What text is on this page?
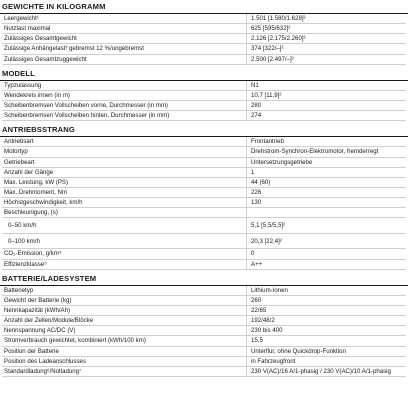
GEWICHTE IN KILOGRAMM
Leergewicht¹	1.501 [1.580/1.628]²
Nutzlast maximal	625 [595/632]²
Zulässiges Gesamtgewicht	2.126 [2.175/2.260]²
Zulässige Anhängelast³ gebremst 12 %/ungebremst	374 [322/–]²
Zulässiges Gesamtzuggewicht	2.500 [2.497/–]²
MODELL
Typzulassung	N1
Wendekreis innen (in m)	10,7 [11,9]²
Scheibenbremsen Vollscheiben vorne, Durchmesser (in mm)	280
Scheibenbremsen Vollscheiben hinten, Durchmesser (in mm)	274
ANTRIEBSSTRANG
Antriebsart	Frontantrieb
Motortyp	Drehstrom-Synchron-Elektromotor, fremderregt
Getriebeart	Untersetzungsgetriebe
Anzahl der Gänge	1
Max. Leistung, kW (PS)	44 (60)
Max. Drehmoment, Nm	226
Höchstgeschwindigkeit, km/h	130
Beschleunigung, (s)	
0–50 km/h	5,1 [5,5/5,5]²
0–100 km/h	20,3 [22,4]²
CO₂-Emission, g/km⁴	0
Effizienzklasse⁵	A++
BATTERIE/LADESYSTEM
Batterietyp	Lithium-Ionen
Gewicht der Batterie (kg)	260
Nennkapazität (kWh/Ah)	22/65
Anzahl der Zellen/Module/Blöcke	192/48/2
Nennspannung AC/DC (V)	230 bis 400
Stromverbrauch gewichtet, kombiniert (kWh/100 km)	15,5
Position der Batterie	Unterflur, ohne Quickdrop-Funktion
Position des Ladeanschlusses	in Fahrzeugfront
Standardladung⁶/Notladung⁷	230 V(AC)/16 A/1-phasig / 230 V(AC)/10 A/1-phasig
